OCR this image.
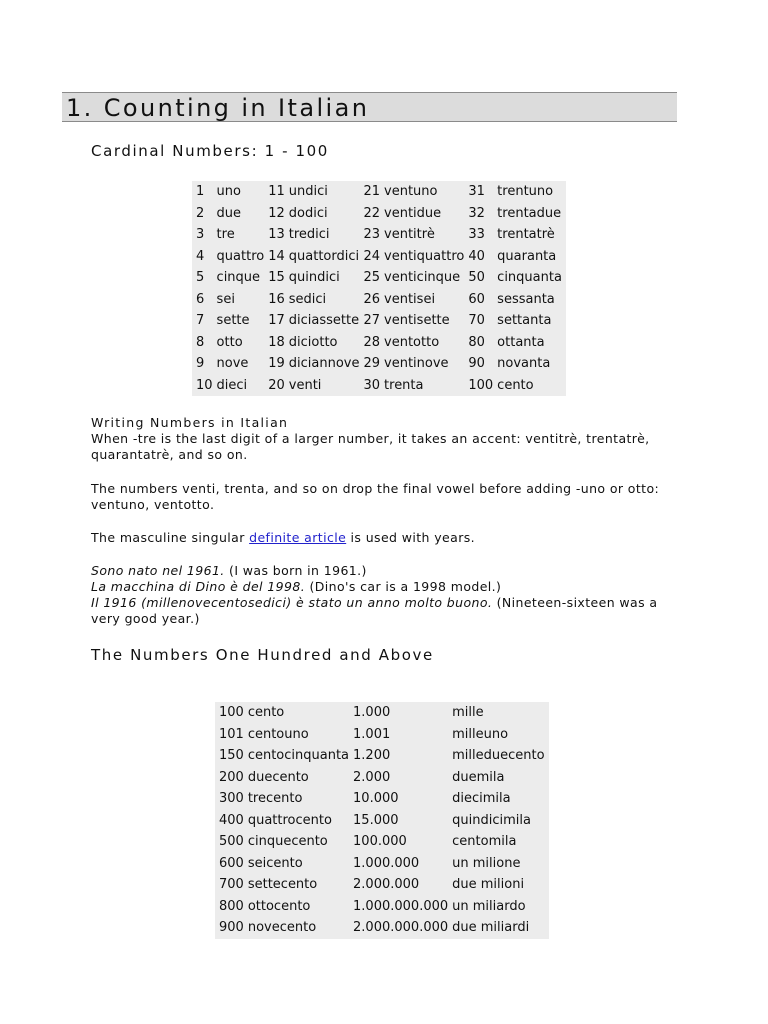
1. Counting in Italian
Cardinal Numbers: 1 - 100
1	uno	11	undici	21	ventuno	31	trentuno
2	due	12	dodici	22	ventidue	32	trentadue
3	tre	13	tredici	23	ventitrè	33	trentatrè
4	quattro	14	quattordici	24	ventiquattro	40	quaranta
5	cinque	15	quindici	25	venticinque	50	cinquanta
6	sei	16	sedici	26	ventisei	60	sessanta
7	sette	17	diciassette	27	ventisette	70	settanta
8	otto	18	diciotto	28	ventotto	80	ottanta
9	nove	19	diciannove	29	ventinove	90	novanta
10	dieci	20	venti	30	trenta	100	cento
Writing Numbers in Italian
When -tre is the last digit of a larger number, it takes an accent: ventitrè, trentatrè, quarantatrè, and so on.
The numbers venti, trenta, and so on drop the final vowel before adding -uno or otto: ventuno, ventotto.
The masculine singular definite article is used with years.
Sono nato nel 1961. (I was born in 1961.)
La macchina di Dino è del 1998. (Dino's car is a 1998 model.)
Il 1916 (millenovecentosedici) è stato un anno molto buono. (Nineteen-sixteen was a very good year.)
The Numbers One Hundred and Above
100	cento	1.000	mille
101	centouno	1.001	milleuno
150	centocinquanta	1.200	milleduecento
200	duecento	2.000	duemila
300	trecento	10.000	diecimila
400	quattrocento	15.000	quindicimila
500	cinquecento	100.000	centomila
600	seicento	1.000.000	un milione
700	settecento	2.000.000	due milioni
800	ottocento	1.000.000.000	un miliardo
900	novecento	2.000.000.000	due miliardi
